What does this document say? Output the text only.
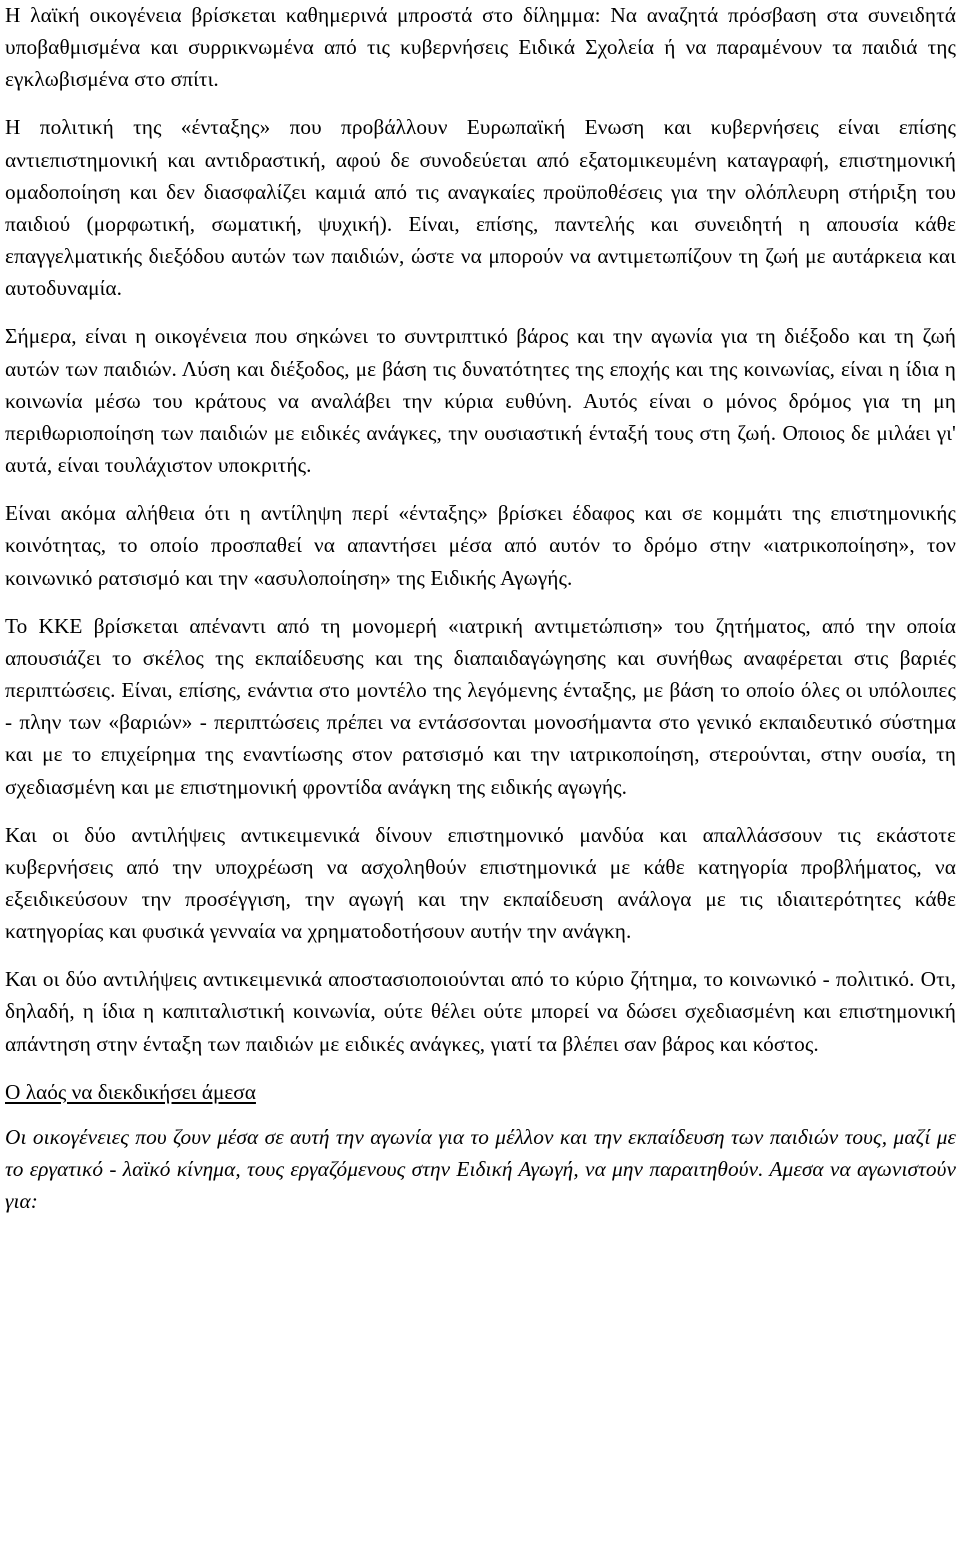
Η λαϊκή οικογένεια βρίσκεται καθημερινά μπροστά στο δίλημμα: Να αναζητά πρόσβαση στα συνειδητά υποβαθμισμένα και συρρικνωμένα από τις κυβερνήσεις Ειδικά Σχολεία ή να παραμένουν τα παιδιά της εγκλωβισμένα στο σπίτι.

Η πολιτική της «ένταξης» που προβάλλουν Ευρωπαϊκή Ενωση και κυβερνήσεις είναι επίσης αντιεπιστημονική και αντιδραστική, αφού δε συνοδεύεται από εξατομικευμένη καταγραφή, επιστημονική ομαδοποίηση και δεν διασφαλίζει καμιά από τις αναγκαίες προϋποθέσεις για την ολόπλευρη στήριξη του παιδιού (μορφωτική, σωματική, ψυχική). Είναι, επίσης, παντελής και συνειδητή η απουσία κάθε επαγγελματικής διεξόδου αυτών των παιδιών, ώστε να μπορούν να αντιμετωπίζουν τη ζωή με αυτάρκεια και αυτοδυναμία.

Σήμερα, είναι η οικογένεια που σηκώνει το συντριπτικό βάρος και την αγωνία για τη διέξοδο και τη ζωή αυτών των παιδιών. Λύση και διέξοδος, με βάση τις δυνατότητες της εποχής και της κοινωνίας, είναι η ίδια η κοινωνία μέσω του κράτους να αναλάβει την κύρια ευθύνη. Αυτός είναι ο μόνος δρόμος για τη μη περιθωριοποίηση των παιδιών με ειδικές ανάγκες, την ουσιαστική ένταξή τους στη ζωή. Οποιος δε μιλάει γι' αυτά, είναι τουλάχιστον υποκριτής.

Είναι ακόμα αλήθεια ότι η αντίληψη περί «ένταξης» βρίσκει έδαφος και σε κομμάτι της επιστημονικής κοινότητας, το οποίο προσπαθεί να απαντήσει μέσα από αυτόν το δρόμο στην «ιατρικοποίηση», τον κοινωνικό ρατσισμό και την «ασυλοποίηση» της Ειδικής Αγωγής.

Το ΚΚΕ βρίσκεται απέναντι από τη μονομερή «ιατρική αντιμετώπιση» του ζητήματος, από την οποία απουσιάζει το σκέλος της εκπαίδευσης και της διαπαιδαγώγησης και συνήθως αναφέρεται στις βαριές περιπτώσεις. Είναι, επίσης, ενάντια στο μοντέλο της λεγόμενης ένταξης, με βάση το οποίο όλες οι υπόλοιπες - πλην των «βαριών» - περιπτώσεις πρέπει να εντάσσονται μονοσήμαντα στο γενικό εκπαιδευτικό σύστημα και με το επιχείρημα της εναντίωσης στον ρατσισμό και την ιατρικοποίηση, στερούνται, στην ουσία, τη σχεδιασμένη και με επιστημονική φροντίδα ανάγκη της ειδικής αγωγής.

Και οι δύο αντιλήψεις αντικειμενικά δίνουν επιστημονικό μανδύα και απαλλάσσουν τις εκάστοτε κυβερνήσεις από την υποχρέωση να ασχοληθούν επιστημονικά με κάθε κατηγορία προβλήματος, να εξειδικεύσουν την προσέγγιση, την αγωγή και την εκπαίδευση ανάλογα με τις ιδιαιτερότητες κάθε κατηγορίας και φυσικά γενναία να χρηματοδοτήσουν αυτήν την ανάγκη.

Και οι δύο αντιλήψεις αντικειμενικά αποστασιοποιούνται από το κύριο ζήτημα, το κοινωνικό - πολιτικό. Οτι, δηλαδή, η ίδια η καπιταλιστική κοινωνία, ούτε θέλει ούτε μπορεί να δώσει σχεδιασμένη και επιστημονική απάντηση στην ένταξη των παιδιών με ειδικές ανάγκες, γιατί τα βλέπει σαν βάρος και κόστος.

Ο λαός να διεκδικήσει άμεσα

Οι οικογένειες που ζουν μέσα σε αυτή την αγωνία για το μέλλον και την εκπαίδευση των παιδιών τους, μαζί με το εργατικό - λαϊκό κίνημα, τους εργαζόμενους στην Ειδική Αγωγή, να μην παραιτηθούν. Αμεσα να αγωνιστούν για:
